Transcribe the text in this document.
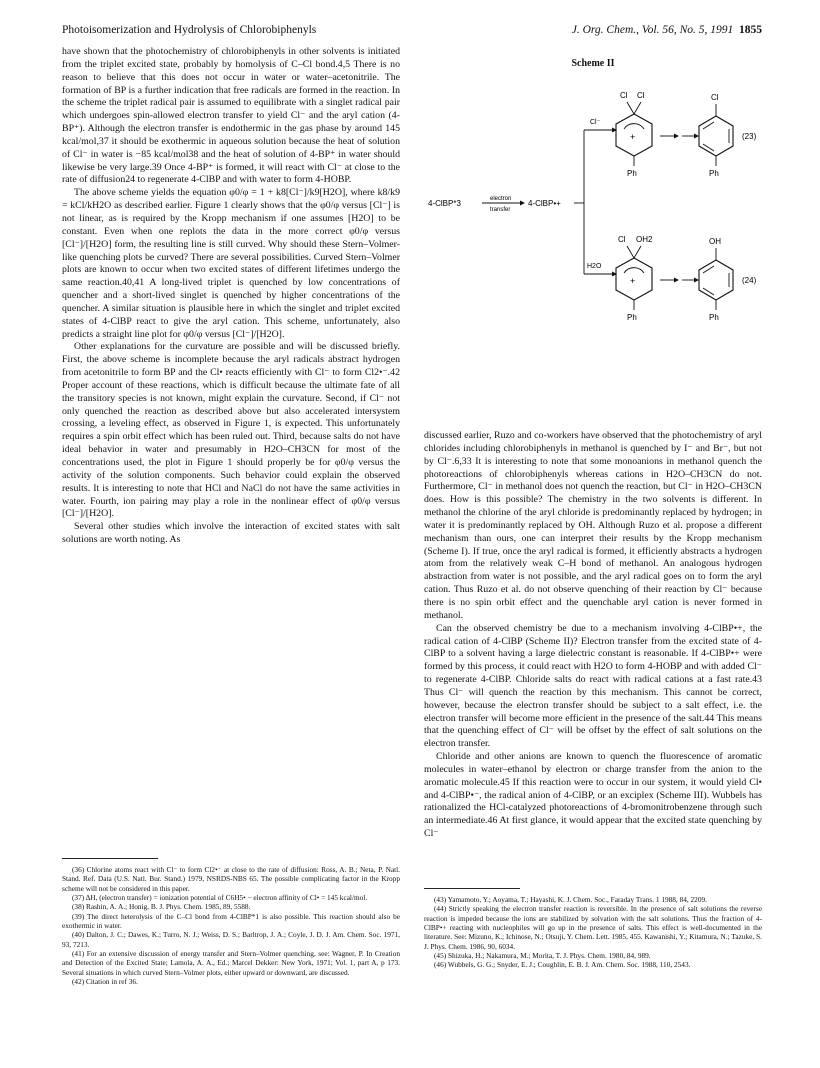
Photoisomerization and Hydrolysis of Chlorobiphenyls	J. Org. Chem., Vol. 56, No. 5, 1991 1855

have shown that the photochemistry of chlorobiphenyls in other solvents is initiated from the triplet excited state, probably by homolysis of C–Cl bond.4,5 There is no reason to believe that this does not occur in water or water–acetonitrile. The formation of BP is a further indication that free radicals are formed in the reaction. In the scheme the triplet radical pair is assumed to equilibrate with a singlet radical pair which undergoes spin-allowed electron transfer to yield Cl⁻ and the aryl cation (4-BP⁺). Although the electron transfer is endothermic in the gas phase by around 145 kcal/mol,37 it should be exothermic in aqueous solution because the heat of solution of Cl⁻ in water is −85 kcal/mol38 and the heat of solution of 4-BP⁺ in water should likewise be very large.39 Once 4-BP⁺ is formed, it will react with Cl⁻ at close to the rate of diffusion24 to regenerate 4-ClBP and with water to form 4-HOBP.

The above scheme yields the equation φ0/φ = 1 + k8[Cl⁻]/k9[H2O], where k8/k9 = kCl/kH2O as described earlier. Figure 1 clearly shows that the φ0/φ versus [Cl⁻] is not linear, as is required by the Kropp mechanism if one assumes [H2O] to be constant. Even when one replots the data in the more correct φ0/φ versus [Cl⁻]/[H2O] form, the resulting line is still curved. Why should these Stern–Volmer-like quenching plots be curved? There are several possibilities. Curved Stern–Volmer plots are known to occur when two excited states of different lifetimes undergo the same reaction.40,41 A long-lived triplet is quenched by low concentrations of quencher and a short-lived singlet is quenched by higher concentrations of the quencher. A similar situation is plausible here in which the singlet and triplet excited states of 4-ClBP react to give the aryl cation. This scheme, unfortunately, also predicts a straight line plot for φ0/φ versus [Cl⁻]/[H2O].

Other explanations for the curvature are possible and will be discussed briefly. First, the above scheme is incomplete because the aryl radicals abstract hydrogen from acetonitrile to form BP and the Cl• reacts efficiently with Cl⁻ to form Cl2•⁻.42 Proper account of these reactions, which is difficult because the ultimate fate of all the transitory species is not known, might explain the curvature. Second, if Cl⁻ not only quenched the reaction as described above but also accelerated intersystem crossing, a leveling effect, as observed in Figure 1, is expected. This unfortunately requires a spin orbit effect which has been ruled out. Third, because salts do not have ideal behavior in water and presumably in H2O–CH3CN for most of the concentrations used, the plot in Figure 1 should properly be for φ0/φ versus the activity of the solution components. Such behavior could explain the observed results. It is interesting to note that HCl and NaCl do not have the same activities in water. Fourth, ion pairing may play a role in the nonlinear effect of φ0/φ versus [Cl⁻]/[H2O].

Several other studies which involve the interaction of excited states with salt solutions are worth noting. As

(36) Chlorine atoms react with Cl⁻ to form Cl2•⁻ at close to the rate of diffusion: Ross, A. B.; Neta, P. Natl. Stand. Ref. Data (U.S. Natl. Bur. Stand.) 1979, NSRDS-NBS 65. The possible complicating factor in the Kropp scheme will not be considered in this paper.

(37) ΔH, (electron transfer) = ionization potential of C6H5• − electron affinity of Cl• = 145 kcal/mol.

(38) Rashin, A. A.; Honig, B. J. Phys. Chem. 1985, 89, 5588.

(39) The direct heterolysis of the C–Cl bond from 4-ClBP*1 is also possible. This reaction should also be exothermic in water.

(40) Dalton, J. C.; Dawes, K.; Turro, N. J.; Weiss, D. S.; Barltrop, J. A.; Coyle, J. D. J. Am. Chem. Soc. 1971, 93, 7213.

(41) For an extensive discussion of energy transfer and Stern–Volmer quenching, see: Wagner, P. In Creation and Detection of the Excited State; Lamola, A. A., Ed.; Marcel Dekker: New York, 1971; Vol. 1, part A, p 173. Several situations in which curved Stern–Volmer plots, either upward or downward, are discussed.

(42) Citation in ref 36.

Scheme II
4-ClBP*3	electron
transfer
4-ClBP•+
Cl⁻
H2O
+
Cl Cl
Ph
Cl
Ph
(23)
+
Cl OH2
Ph
OH
Ph
(24)

discussed earlier, Ruzo and co-workers have observed that the photochemistry of aryl chlorides including chlorobiphenyls in methanol is quenched by I⁻ and Br⁻, but not by Cl⁻.6,33 It is interesting to note that some monoanions in methanol quench the photoreactions of chlorobiphenyls whereas cations in H2O–CH3CN do not. Furthermore, Cl⁻ in methanol does not quench the reaction, but Cl⁻ in H2O–CH3CN does. How is this possible? The chemistry in the two solvents is different. In methanol the chlorine of the aryl chloride is predominantly replaced by hydrogen; in water it is predominantly replaced by OH. Although Ruzo et al. propose a different mechanism than ours, one can interpret their results by the Kropp mechanism (Scheme I). If true, once the aryl radical is formed, it efficiently abstracts a hydrogen atom from the relatively weak C–H bond of methanol. An analogous hydrogen abstraction from water is not possible, and the aryl radical goes on to form the aryl cation. Thus Ruzo et al. do not observe quenching of their reaction by Cl⁻ because there is no spin orbit effect and the quenchable aryl cation is never formed in methanol.

Can the observed chemistry be due to a mechanism involving 4-ClBP•+, the radical cation of 4-ClBP (Scheme II)? Electron transfer from the excited state of 4-ClBP to a solvent having a large dielectric constant is reasonable. If 4-ClBP•+ were formed by this process, it could react with H2O to form 4-HOBP and with added Cl⁻ to regenerate 4-ClBP. Chloride salts do react with radical cations at a fast rate.43 Thus Cl⁻ will quench the reaction by this mechanism. This cannot be correct, however, because the electron transfer should be subject to a salt effect, i.e. the electron transfer will become more efficient in the presence of the salt.44 This means that the quenching effect of Cl⁻ will be offset by the effect of salt solutions on the electron transfer.

Chloride and other anions are known to quench the fluorescence of aromatic molecules in water–ethanol by electron or charge transfer from the anion to the aromatic molecule.45 If this reaction were to occur in our system, it would yield Cl• and 4-ClBP•⁻, the radical anion of 4-ClBP, or an exciplex (Scheme III). Wubbels has rationalized the HCl-catalyzed photoreactions of 4-bromonitrobenzene through such an intermediate.46 At first glance, it would appear that the excited state quenching by Cl⁻

(43) Yamamoto, Y.; Aoyama, T.; Hayashi, K. J. Chem. Soc., Faraday Trans. 1 1988, 84, 2209.

(44) Strictly speaking the electron transfer reaction is reversible. In the presence of salt solutions the reverse reaction is impeded because the ions are stabilized by solvation with the salt solutions. Thus the fraction of 4-ClBP•+ reacting with nucleophiles will go up in the presence of salts. This effect is well-documented in the literature. See: Mizuno, K.; Ichinose, N.; Otsuji, Y. Chem. Lett. 1985, 455. Kawanishi, Y.; Kitamura, N.; Tazuke, S. J. Phys. Chem. 1986, 90, 6034.

(45) Shizuka, H.; Nakamura, M.; Morita, T. J. Phys. Chem. 1980, 84, 989.

(46) Wubbels, G. G.; Snyder, E. J.; Coughlin, E. B. J. Am. Chem. Soc. 1988, 110, 2543.
